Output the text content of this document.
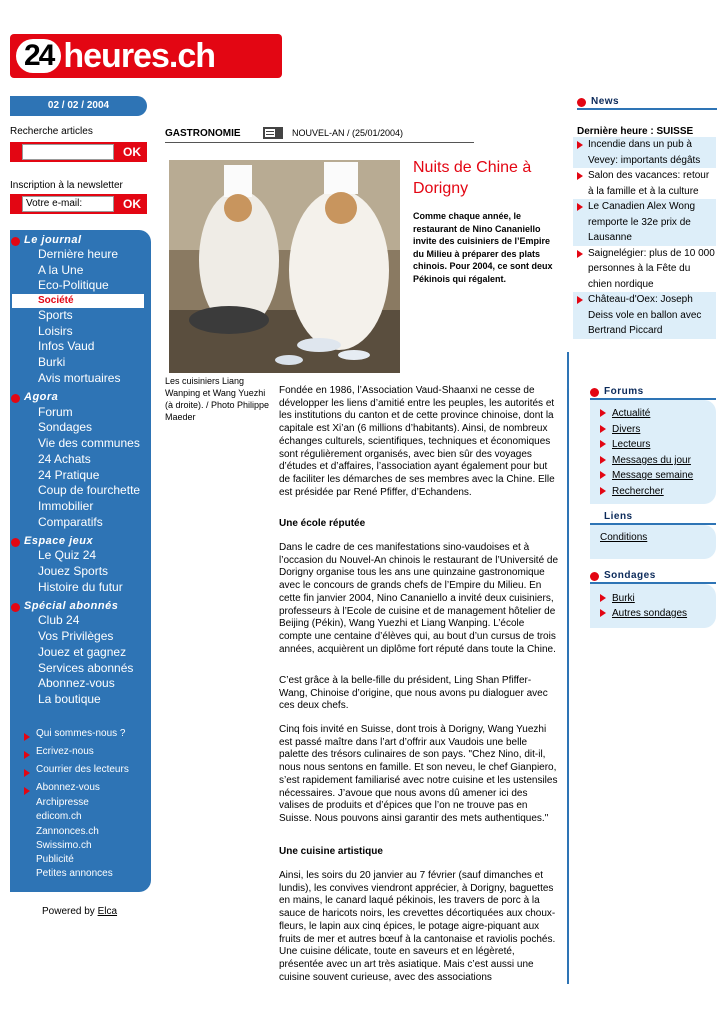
24 heures.ch
02 / 02 / 2004
Recherche articles
OK
Inscription à la newsletter
Votre e-mail:	OK
Le journal
Dernière heure
A la Une
Eco-Politique
Société
Sports
Loisirs
Infos Vaud
Burki
Avis mortuaires
Agora
Forum
Sondages
Vie des communes
24 Achats
24 Pratique
Coup de fourchette
Immobilier
Comparatifs
Espace jeux
Le Quiz 24
Jouez Sports
Histoire du futur
Spécial abonnés
Club 24
Vos Privilèges
Jouez et gagnez
Services abonnés
Abonnez-vous
La boutique
Qui sommes-nous ?
Ecrivez-nous
Courrier des lecteurs
Abonnez-vous
Archipresse
edicom.ch
Zannonces.ch
Swissimo.ch
Publicité
Petites annonces
Powered by Elca
GASTRONOMIE	NOUVEL-AN / (25/01/2004)
Les cuisiniers Liang Wanping et Wang Yuezhi (à droite). / Photo Philippe Maeder
Nuits de Chine à Dorigny
Comme chaque année, le restaurant de Nino Cananiello invite des cuisiniers de l’Empire du Milieu à préparer des plats chinois. Pour 2004, ce sont deux Pékinois qui régalent.
Fondée en 1986, l’Association Vaud-Shaanxi ne cesse de développer les liens d’amitié entre les peuples, les autorités et les institutions du canton et de cette province chinoise, dont la capitale est Xi’an (6 millions d’habitants). Ainsi, de nombreux échanges culturels, scientifiques, techniques et économiques sont régulièrement organisés, avec bien sûr des voyages d’études et d’affaires, l’association ayant également pour but de faciliter les démarches de ses membres avec la Chine. Elle est présidée par René Pfiffer, d’Echandens.
Une école réputée
Dans le cadre de ces manifestations sino-vaudoises et à l’occasion du Nouvel-An chinois le restaurant de l’Université de Dorigny organise tous les ans une quinzaine gastronomique avec le concours de grands chefs de l’Empire du Milieu. En cette fin janvier 2004, Nino Cananiello a invité deux cuisiniers, professeurs à l’Ecole de cuisine et de management hôtelier de Beijing (Pékin), Wang Yuezhi et Liang Wanping. L’école compte une centaine d’élèves qui, au bout d’un cursus de trois années, acquièrent un diplôme fort réputé dans toute la Chine.
C’est grâce à la belle-fille du président, Ling Shan Pfiffer-Wang, Chinoise d’origine, que nous avons pu dialoguer avec ces deux chefs.
Cinq fois invité en Suisse, dont trois à Dorigny, Wang Yuezhi est passé maître dans l’art d’offrir aux Vaudois une belle palette des trésors culinaires de son pays. "Chez Nino, dit-il, nous nous sentons en famille. Et son neveu, le chef Gianpiero, s’est rapidement familiarisé avec notre cuisine et les ustensiles nécessaires. J’avoue que nous avons dû amener ici des valises de produits et d’épices que l’on ne trouve pas en Suisse. Nous pouvons ainsi garantir des mets authentiques."
Une cuisine artistique
Ainsi, les soirs du 20 janvier au 7 février (sauf dimanches et lundis), les convives viendront apprécier, à Dorigny, baguettes en mains, le canard laqué pékinois, les travers de porc à la sauce de haricots noirs, les crevettes décortiquées aux choux-fleurs, le lapin aux cinq épices, le potage aigre-piquant aux fruits de mer et autres bœuf à la cantonaise et raviolis pochés. Une cuisine délicate, toute en saveurs et en légèreté, présentée avec un art très asiatique. Mais c’est aussi une cuisine souvent curieuse, avec des associations
News
Dernière heure : SUISSE
Incendie dans un pub à Vevey: importants dégâts
Salon des vacances: retour à la famille et à la culture
Le Canadien Alex Wong remporte le 32e prix de Lausanne
Saignelégier: plus de 10 000 personnes à la Fête du chien nordique
Château-d'Oex: Joseph Deiss vole en ballon avec Bertrand Piccard
Forums
Actualité
Divers
Lecteurs
Messages du jour
Message semaine
Rechercher
Liens
Conditions
Sondages
Burki
Autres sondages
